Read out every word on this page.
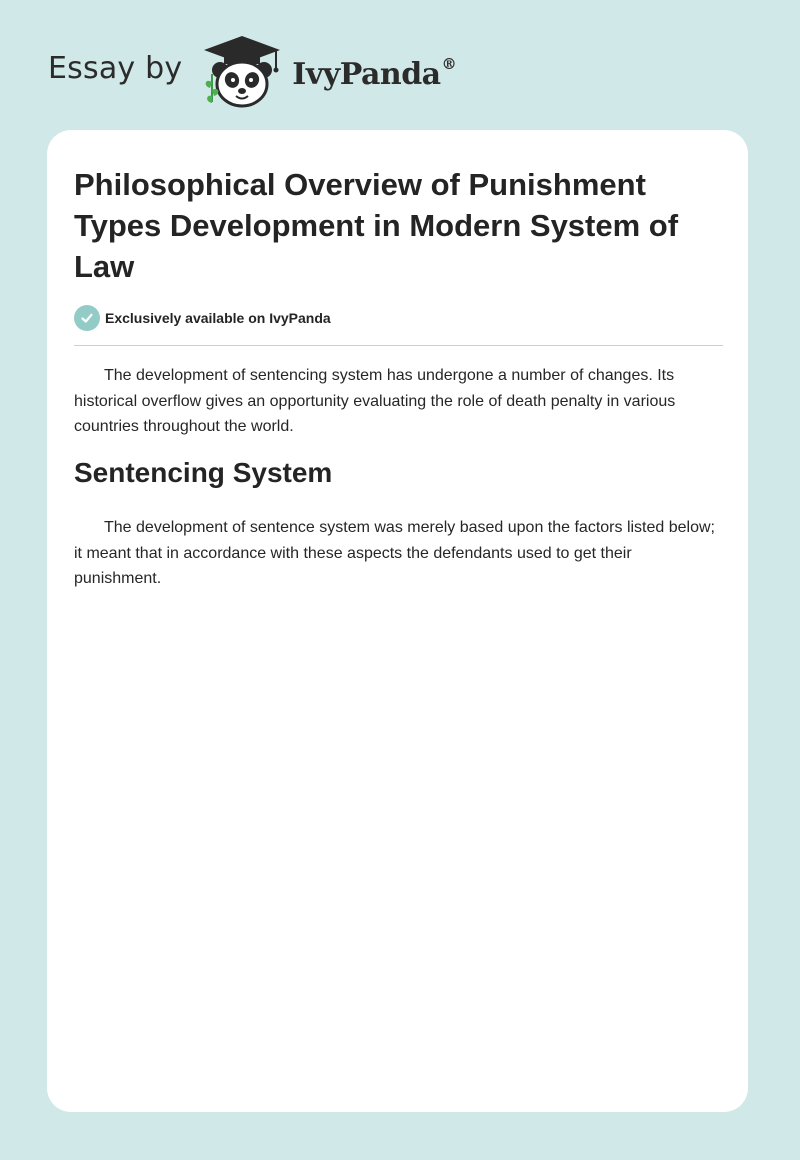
Essay by	IvyPanda®
Philosophical Overview of Punishment Types Development in Modern System of Law
Exclusively available on IvyPanda

The development of sentencing system has undergone a number of changes. Its historical overflow gives an opportunity evaluating the role of death penalty in various countries throughout the world.

Sentencing System

The development of sentence system was merely based upon the factors listed below; it meant that in accordance with these aspects the defendants used to get their punishment.
